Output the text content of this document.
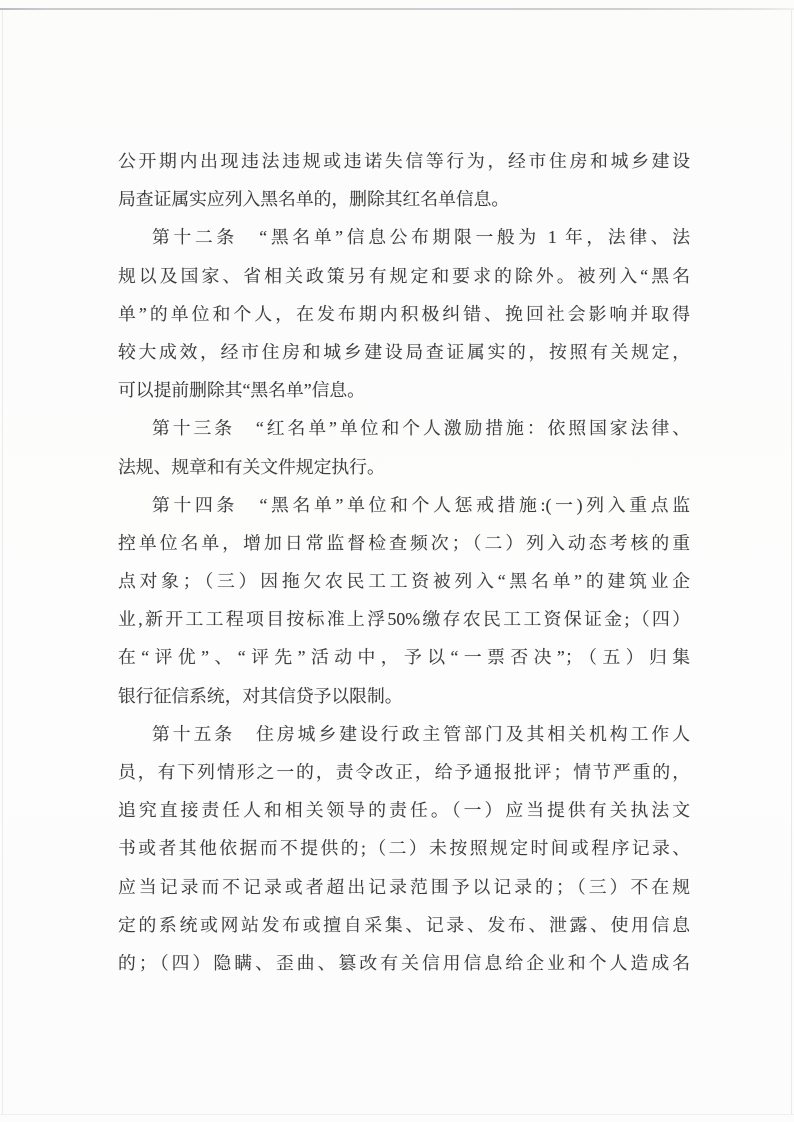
公开期内出现违法违规或违诺失信等行为，经市住房和城乡建设
局查证属实应列入黑名单的，删除其红名单信息。
第十二条　“黑名单”信息公布期限一般为 1 年，法律、法
规以及国家、省相关政策另有规定和要求的除外。被列入“黑名
单”的单位和个人，在发布期内积极纠错、挽回社会影响并取得
较大成效，经市住房和城乡建设局查证属实的，按照有关规定，
可以提前删除其“黑名单”信息。
第十三条　“红名单”单位和个人激励措施：依照国家法律、
法规、规章和有关文件规定执行。
第十四条　“黑名单”单位和个人惩戒措施:(一)列入重点监
控单位名单，增加日常监督检查频次；（二）列入动态考核的重
点对象；（三）因拖欠农民工工资被列入“黑名单”的建筑业企
业,新开工工程项目按标准上浮50%缴存农民工工资保证金;（四）
在“评优”、“评先”活动中，予以“一票否决”；（五）归集
银行征信系统，对其信贷予以限制。
第十五条　住房城乡建设行政主管部门及其相关机构工作人
员，有下列情形之一的，责令改正，给予通报批评；情节严重的，
追究直接责任人和相关领导的责任。（一）应当提供有关执法文
书或者其他依据而不提供的;（二）未按照规定时间或程序记录、
应当记录而不记录或者超出记录范围予以记录的；（三）不在规
定的系统或网站发布或擅自采集、记录、发布、泄露、使用信息
的；（四）隐瞒、歪曲、篡改有关信用信息给企业和个人造成名
